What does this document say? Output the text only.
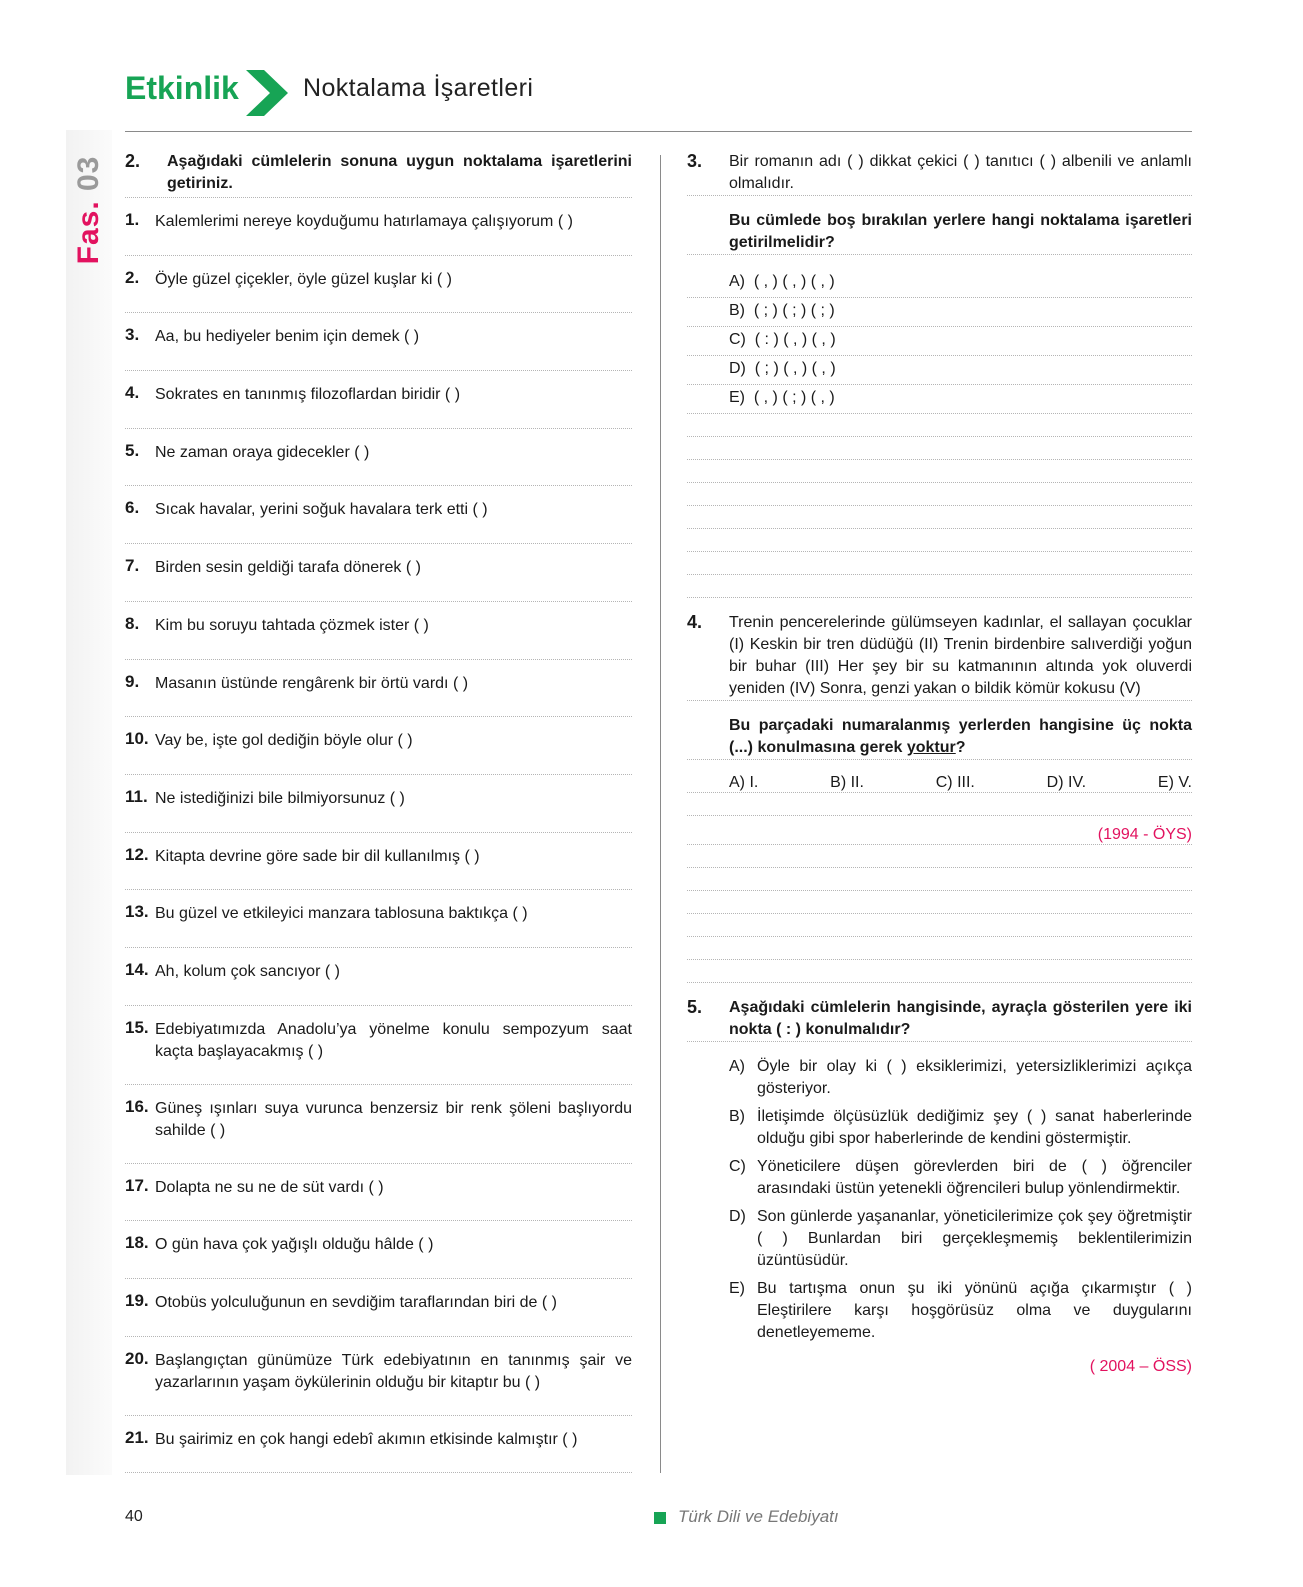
Fas. 03
Etkinlik	Noktalama İşaretleri
2. Aşağıdaki cümlelerin sonuna uygun noktalama işaretlerini getiriniz.
1. Kalemlerimi nereye koyduğumu hatırlamaya çalışıyorum ( )
2. Öyle güzel çiçekler, öyle güzel kuşlar ki ( )
3. Aa, bu hediyeler benim için demek ( )
4. Sokrates en tanınmış filozoflardan biridir ( )
5. Ne zaman oraya gidecekler ( )
6. Sıcak havalar, yerini soğuk havalara terk etti ( )
7. Birden sesin geldiği tarafa dönerek ( )
8. Kim bu soruyu tahtada çözmek ister ( )
9. Masanın üstünde rengârenk bir örtü vardı ( )
10. Vay be, işte gol dediğin böyle olur ( )
11. Ne istediğinizi bile bilmiyorsunuz ( )
12. Kitapta devrine göre sade bir dil kullanılmış ( )
13. Bu güzel ve etkileyici manzara tablosuna baktıkça ( )
14. Ah, kolum çok sancıyor ( )
15. Edebiyatımızda Anadolu’ya yönelme konulu sempozyum saat kaçta başlayacakmış ( )
16. Güneş ışınları suya vurunca benzersiz bir renk şöleni başlıyordu sahilde ( )
17. Dolapta ne su ne de süt vardı ( )
18. O gün hava çok yağışlı olduğu hâlde ( )
19. Otobüs yolculuğunun en sevdiğim taraflarından biri de ( )
20. Başlangıçtan günümüze Türk edebiyatının en tanınmış şair ve yazarlarının yaşam öykülerinin olduğu bir kitaptır bu ( )
21. Bu şairimiz en çok hangi edebî akımın etkisinde kalmıştır ( )
3. Bir romanın adı ( ) dikkat çekici ( ) tanıtıcı ( ) albenili ve anlamlı olmalıdır.
Bu cümlede boş bırakılan yerlere hangi noktalama işaretleri getirilmelidir?
A) ( , ) ( , ) ( , )
B) ( ; ) ( ; ) ( ; )
C) ( : ) ( , ) ( , )
D) ( ; ) ( , ) ( , )
E) ( , ) ( ; ) ( , )
4. Trenin pencerelerinde gülümseyen kadınlar, el sallayan çocuklar (I) Keskin bir tren düdüğü (II) Trenin birdenbire salıverdiği yoğun bir buhar (III) Her şey bir su katmanının altında yok oluverdi yeniden (IV) Sonra, genzi yakan o bildik kömür kokusu (V)
Bu parçadaki numaralanmış yerlerden hangisine üç nokta (...) konulmasına gerek yoktur?
A) I.	B) II.	C) III.	D) IV.	E) V.
(1994 - ÖYS)
5. Aşağıdaki cümlelerin hangisinde, ayraçla gösterilen yere iki nokta ( : ) konulmalıdır?
A) Öyle bir olay ki ( ) eksiklerimizi, yetersizliklerimizi açıkça gösteriyor.
B) İletişimde ölçüsüzlük dediğimiz şey ( ) sanat haberlerinde olduğu gibi spor haberlerinde de kendini göstermiştir.
C) Yöneticilere düşen görevlerden biri de ( ) öğrenciler arasındaki üstün yetenekli öğrencileri bulup yönlendirmektir.
D) Son günlerde yaşananlar, yöneticilerimize çok şey öğretmiştir ( ) Bunlardan biri gerçekleşmemiş beklentilerimizin üzüntüsüdür.
E) Bu tartışma onun şu iki yönünü açığa çıkarmıştır ( ) Eleştirilere karşı hoşgörüsüz olma ve duygularını denetleyememe.
( 2004 – ÖSS)
40	Türk Dili ve Edebiyatı
